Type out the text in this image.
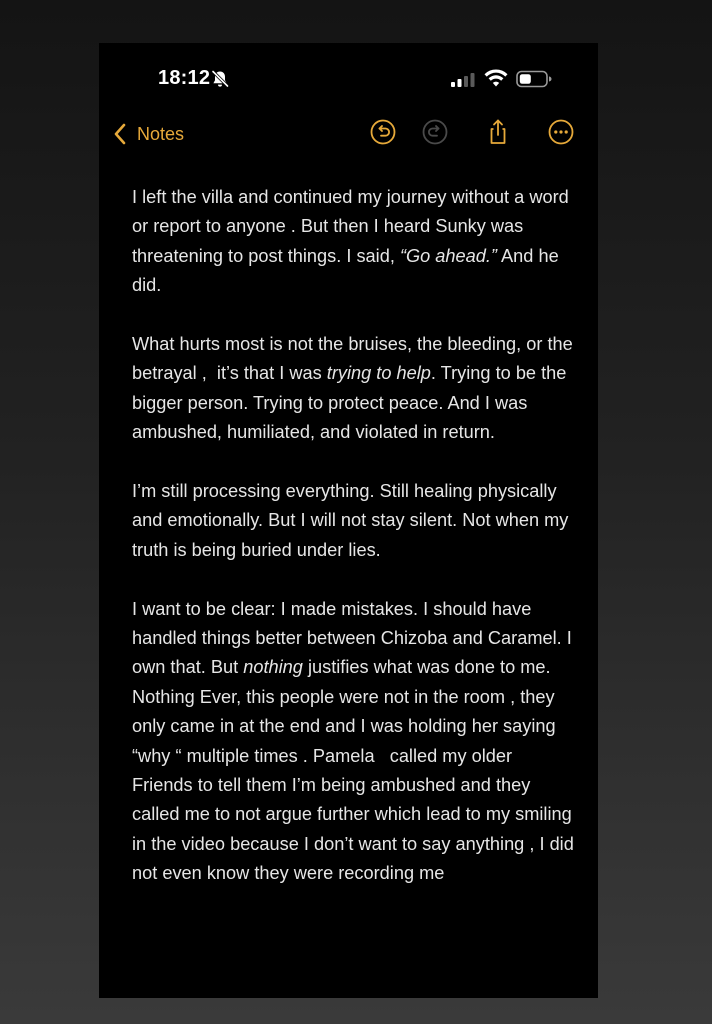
18:12
Notes

I left the villa and continued my journey without a word or report to anyone . But then I heard Sunky was threatening to post things. I said, “Go ahead.” And he did.

What hurts most is not the bruises, the bleeding, or the betrayal ,  it’s that I was trying to help. Trying to be the bigger person. Trying to protect peace. And I was ambushed, humiliated, and violated in return.

I’m still processing everything. Still healing physically and emotionally. But I will not stay silent. Not when my truth is being buried under lies.

I want to be clear: I made mistakes. I should have handled things better between Chizoba and Caramel. I own that. But nothing justifies what was done to me. Nothing Ever, this people were not in the room , they only came in at the end and I was holding her saying “why “ multiple times . Pamela   called my older Friends to tell them I’m being ambushed and they called me to not argue further which lead to my smiling in the video because I don’t want to say anything , I did not even know they were recording me
